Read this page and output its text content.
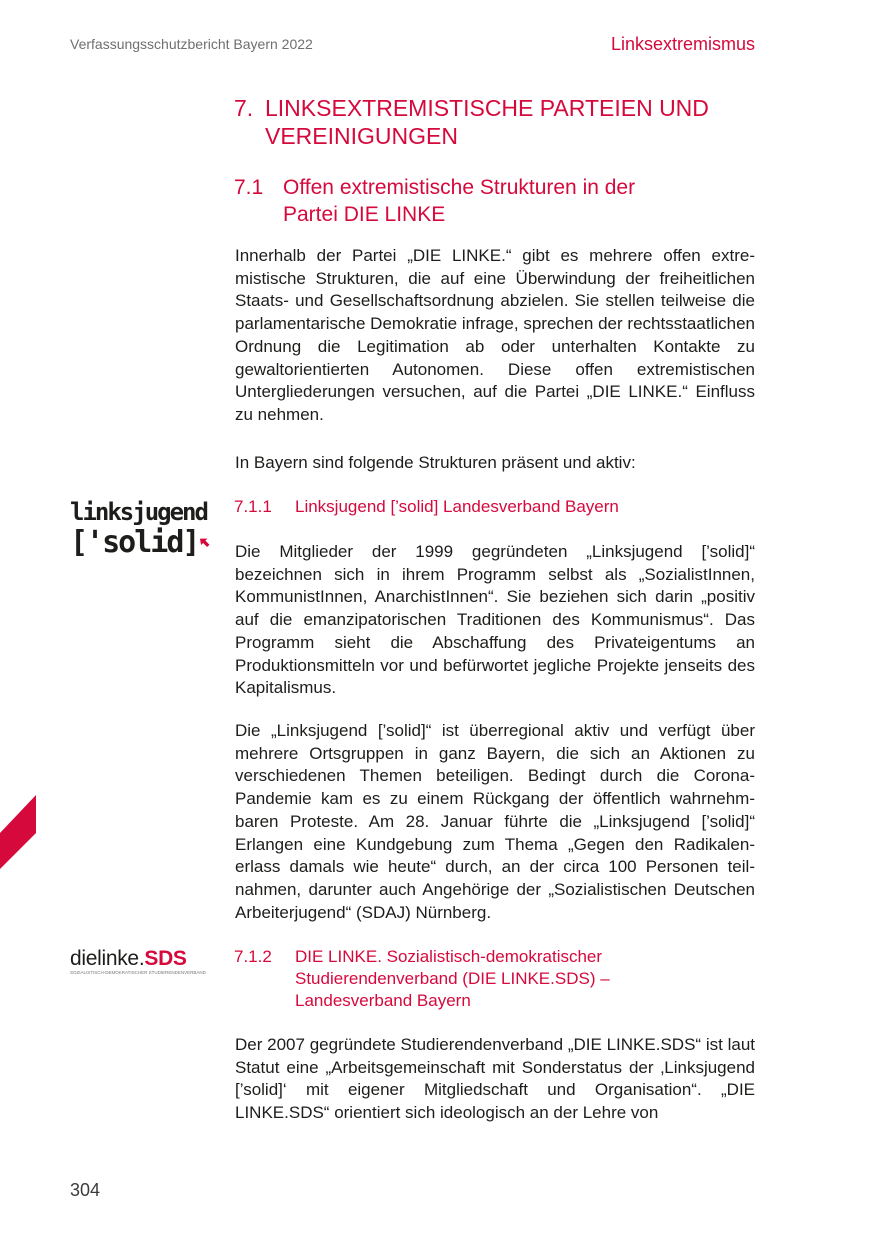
Verfassungsschutzbericht Bayern 2022	Linksextremismus
7. LINKSEXTREMISTISCHE PARTEIEN UND
VEREINIGUNGEN
7.1 Offen extremistische Strukturen in der
Partei DIE LINKE

Innerhalb der Partei „DIE LINKE.“ gibt es mehrere offen extremistische Strukturen, die auf eine Überwindung der freiheitlichen Staats- und Gesellschaftsordnung abzielen. Sie stellen teilweise die parlamentarische Demokratie infrage, sprechen der rechtsstaatlichen Ordnung die Legitimation ab oder unterhalten Kontakte zu gewaltorientierten Autonomen. Diese offen extremistischen Untergliederungen versuchen, auf die Partei „DIE LINKE.“ Einfluss zu nehmen.

In Bayern sind folgende Strukturen präsent und aktiv:

linksjugend
['solid]
7.1.1	Linksjugend [’solid] Landesverband Bayern

Die Mitglieder der 1999 gegründeten „Linksjugend [’solid]“ bezeichnen sich in ihrem Programm selbst als „SozialistInnen, KommunistInnen, AnarchistInnen“. Sie beziehen sich darin „positiv auf die emanzipatorischen Traditionen des Kommunismus“. Das Programm sieht die Abschaffung des Privateigentums an Produktionsmitteln vor und befürwortet jegliche Projekte jenseits des Kapitalismus.

Die „Linksjugend [’solid]“ ist überregional aktiv und verfügt über mehrere Ortsgruppen in ganz Bayern, die sich an Aktionen zu verschiedenen Themen beteiligen. Bedingt durch die Corona-Pandemie kam es zu einem Rückgang der öffentlich wahrnehmbaren Proteste. Am 28. Januar führte die „Linksjugend [’solid]“ Erlangen eine Kundgebung zum Thema „Gegen den Radikalenerlass damals wie heute“ durch, an der circa 100 Personen teilnahmen, darunter auch Angehörige der „Sozialistischen Deutschen Arbeiterjugend“ (SDAJ) Nürnberg.

dielinke.SDS
SOZIALISTISCH-DEMOKRATISCHER STUDIERENDENVERBAND
7.1.2	DIE LINKE. Sozialistisch-demokratischer
Studierendenverband (DIE LINKE.SDS) –
Landesverband Bayern

Der 2007 gegründete Studierendenverband „DIE LINKE.SDS“ ist laut Statut eine „Arbeitsgemeinschaft mit Sonderstatus der ‚Linksjugend [’solid]‘ mit eigener Mitgliedschaft und Organisation“. „DIE LINKE.SDS“ orientiert sich ideologisch an der Lehre von

304
